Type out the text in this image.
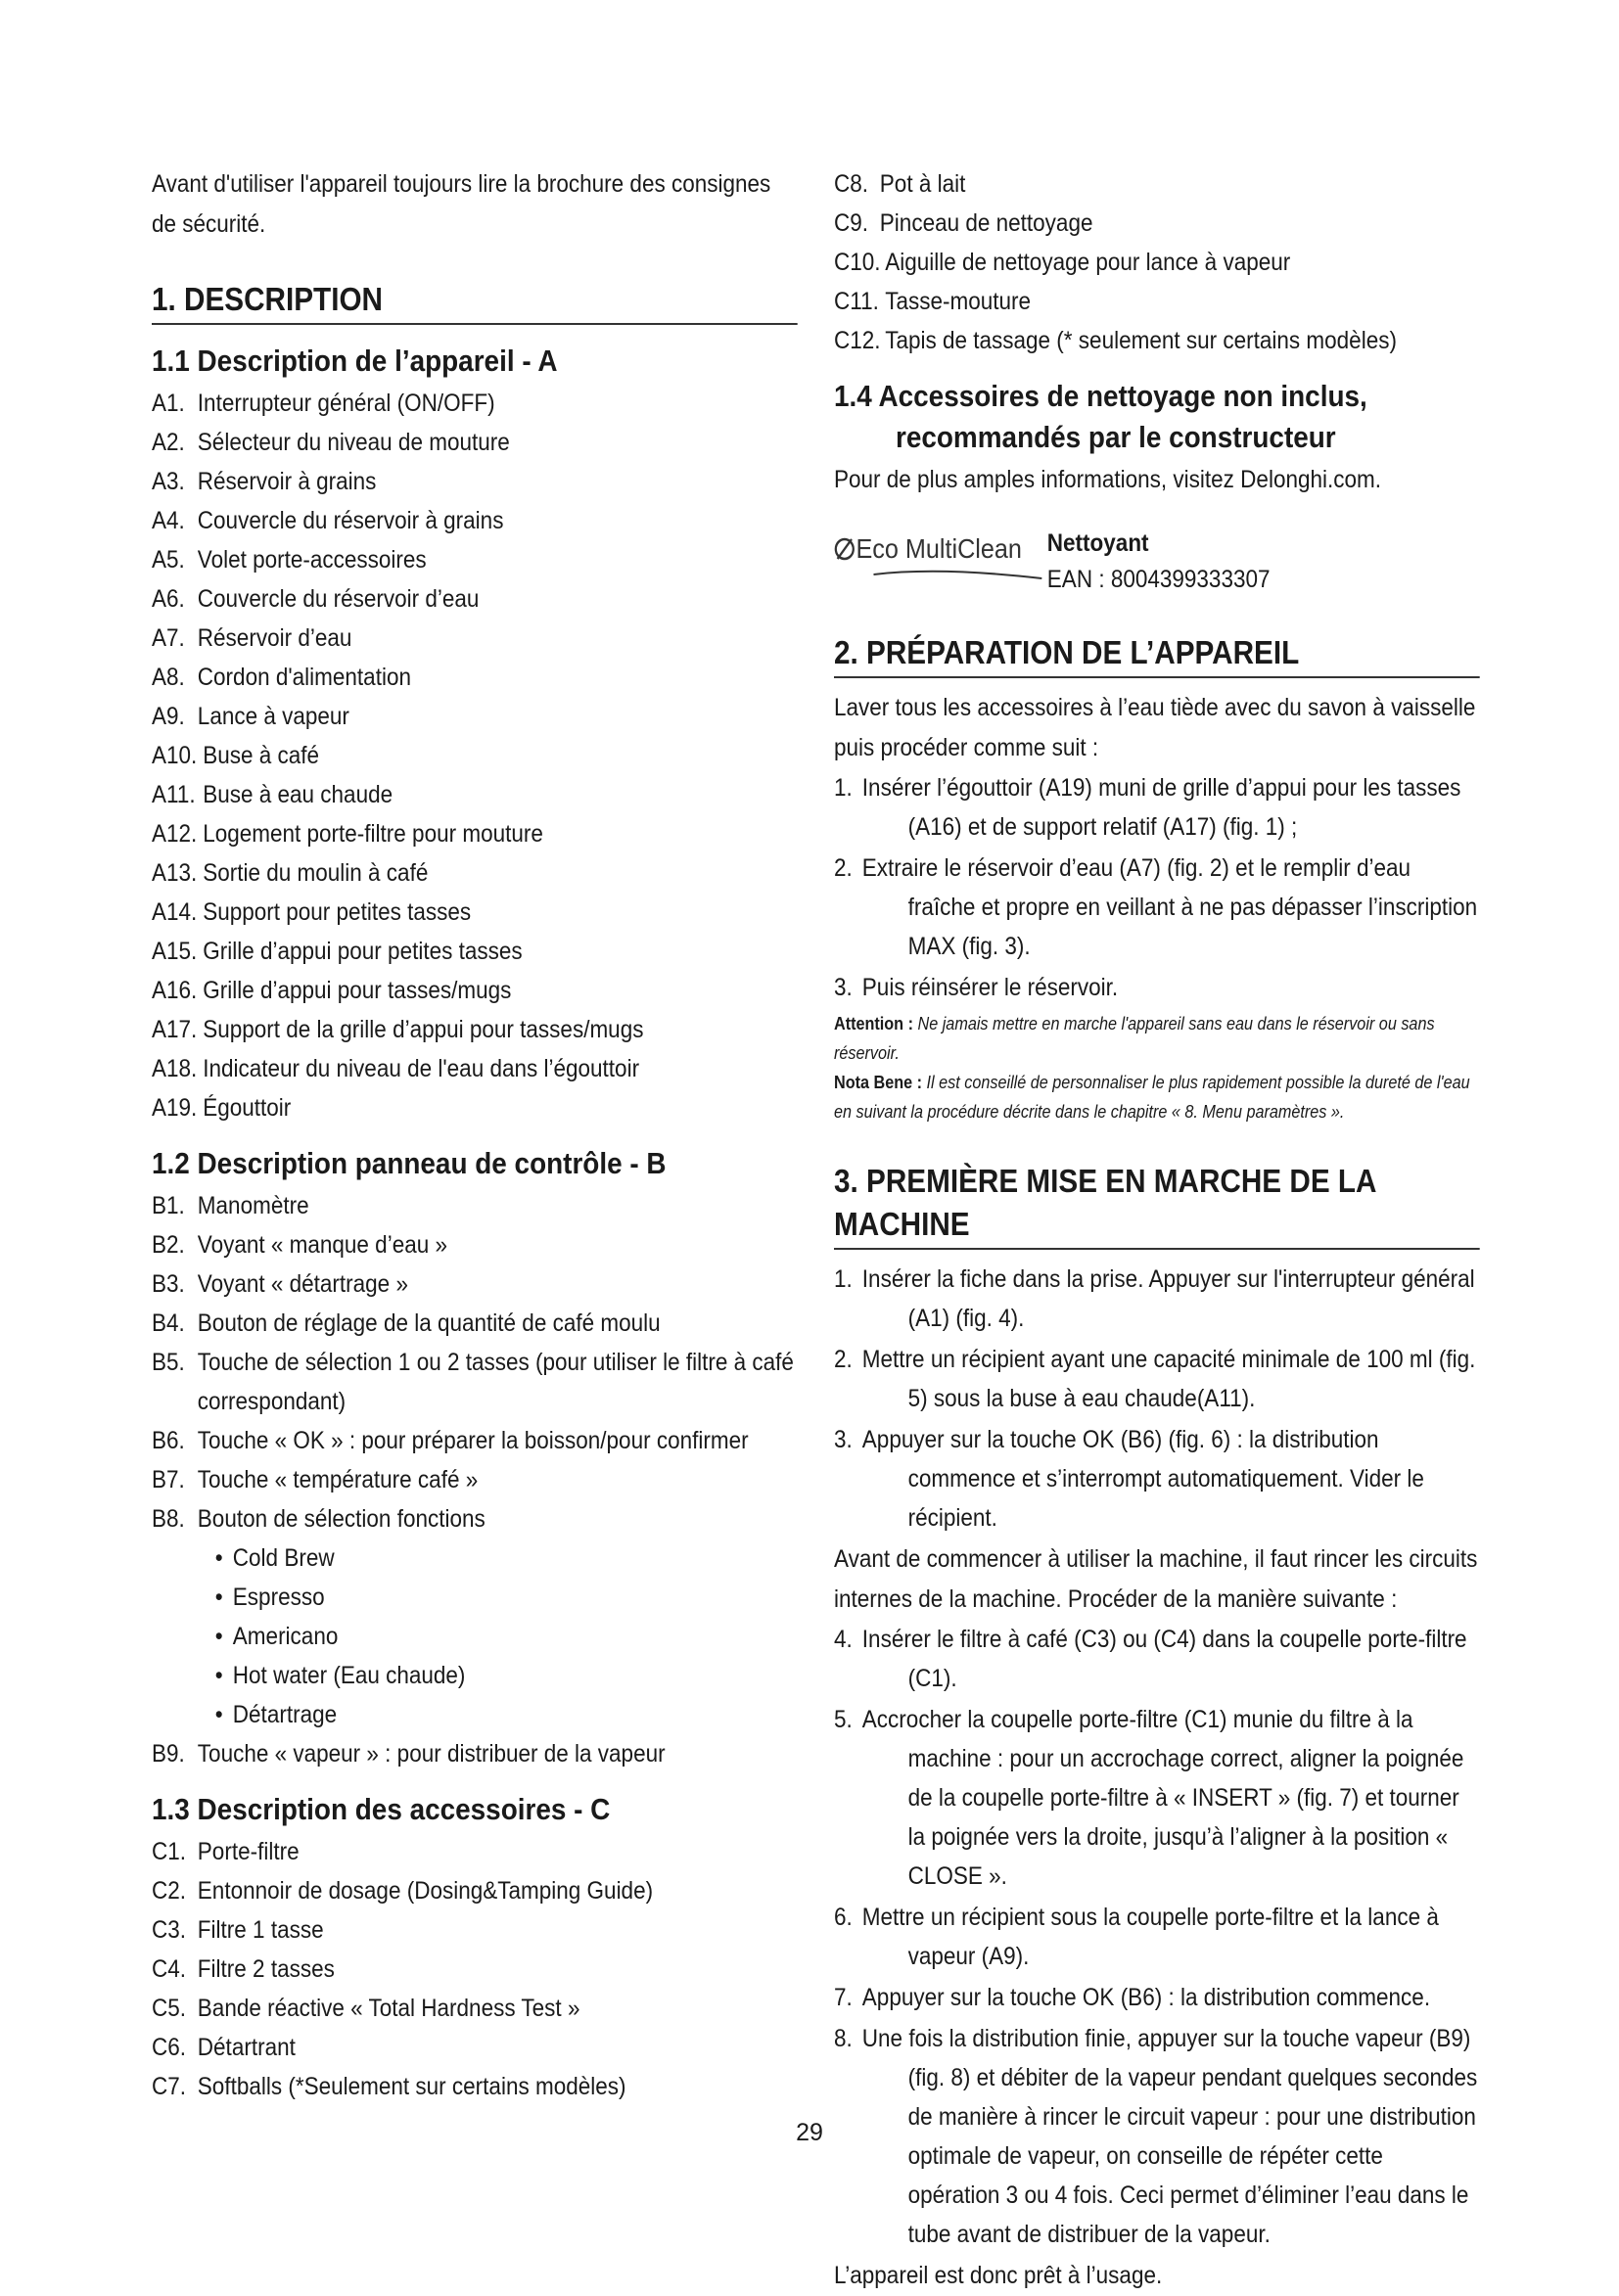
Avant d'utiliser l'appareil toujours lire la brochure des consignes de sécurité.

1. DESCRIPTION
1.1 Description de l’appareil - A
A1. Interrupteur général (ON/OFF)
A2. Sélecteur du niveau de mouture
A3. Réservoir à grains
A4. Couvercle du réservoir à grains
A5. Volet porte-accessoires
A6. Couvercle du réservoir d’eau
A7. Réservoir d’eau
A8. Cordon d'alimentation
A9. Lance à vapeur
A10. Buse à café
A11. Buse à eau chaude
A12. Logement porte-filtre pour mouture
A13. Sortie du moulin à café
A14. Support pour petites tasses
A15. Grille d’appui pour petites tasses
A16. Grille d’appui pour tasses/mugs
A17. Support de la grille d’appui pour tasses/mugs
A18. Indicateur du niveau de l'eau dans l’égouttoir
A19. Égouttoir
1.2 Description panneau de contrôle - B
B1. Manomètre
B2. Voyant « manque d’eau »
B3. Voyant « détartrage »
B4. Bouton de réglage de la quantité de café moulu
B5. Touche de sélection 1 ou 2 tasses (pour utiliser le filtre à café correspondant)
B6. Touche « OK » : pour préparer la boisson/pour confirmer
B7. Touche « température café »
B8. Bouton de sélection fonctions
• Cold Brew
• Espresso
• Americano
• Hot water (Eau chaude)
• Détartrage
B9. Touche « vapeur » : pour distribuer de la vapeur
1.3 Description des accessoires - C
C1. Porte-filtre
C2. Entonnoir de dosage (Dosing&Tamping Guide)
C3. Filtre 1 tasse
C4. Filtre 2 tasses
C5. Bande réactive « Total Hardness Test »
C6. Détartrant
C7. Softballs (*Seulement sur certains modèles)
C8. Pot à lait
C9. Pinceau de nettoyage
C10. Aiguille de nettoyage pour lance à vapeur
C11. Tasse-mouture
C12. Tapis de tassage (* seulement sur certains modèles)
1.4 Accessoires de nettoyage non inclus,
recommandés par le constructeur

Pour de plus amples informations, visitez Delonghi.com.

Eco MultiClean Nettoyant
EAN : 8004399333307
2. PRÉPARATION DE L’APPAREIL

Laver tous les accessoires à l’eau tiède avec du savon à vaisselle puis procéder comme suit :

1. Insérer l’égouttoir (A19) muni de grille d’appui pour les tasses (A16) et de support relatif (A17) (fig. 1) ;
2. Extraire le réservoir d’eau (A7) (fig. 2) et le remplir d’eau fraîche et propre en veillant à ne pas dépasser l’inscription MAX (fig. 3).
3. Puis réinsérer le réservoir.

Attention : Ne jamais mettre en marche l'appareil sans eau dans le réservoir ou sans réservoir.

Nota Bene : Il est conseillé de personnaliser le plus rapidement possible la dureté de l'eau en suivant la procédure décrite dans le chapitre « 8. Menu paramètres ».

3. PREMIÈRE MISE EN MARCHE DE LA MACHINE
1. Insérer la fiche dans la prise. Appuyer sur l'interrupteur général (A1) (fig. 4).
2. Mettre un récipient ayant une capacité minimale de 100 ml (fig. 5) sous la buse à eau chaude(A11).
3. Appuyer sur la touche OK (B6) (fig. 6) : la distribution commence et s’interrompt automatiquement. Vider le récipient.

Avant de commencer à utiliser la machine, il faut rincer les circuits internes de la machine. Procéder de la manière suivante :

4. Insérer le filtre à café (C3) ou (C4) dans la coupelle porte-filtre (C1).
5. Accrocher la coupelle porte-filtre (C1) munie du filtre à la machine : pour un accrochage correct, aligner la poignée de la coupelle porte-filtre à « INSERT » (fig. 7) et tourner la poignée vers la droite, jusqu’à l’aligner à la position « CLOSE ».
6. Mettre un récipient sous la coupelle porte-filtre et la lance à vapeur (A9).
7. Appuyer sur la touche OK (B6) : la distribution commence.
8. Une fois la distribution finie, appuyer sur la touche vapeur (B9) (fig. 8) et débiter de la vapeur pendant quelques secondes de manière à rincer le circuit vapeur : pour une distribution optimale de vapeur, on conseille de répéter cette opération 3 ou 4 fois. Ceci permet d’éliminer l’eau dans le tube avant de distribuer de la vapeur.

L’appareil est donc prêt à l’usage.

29
